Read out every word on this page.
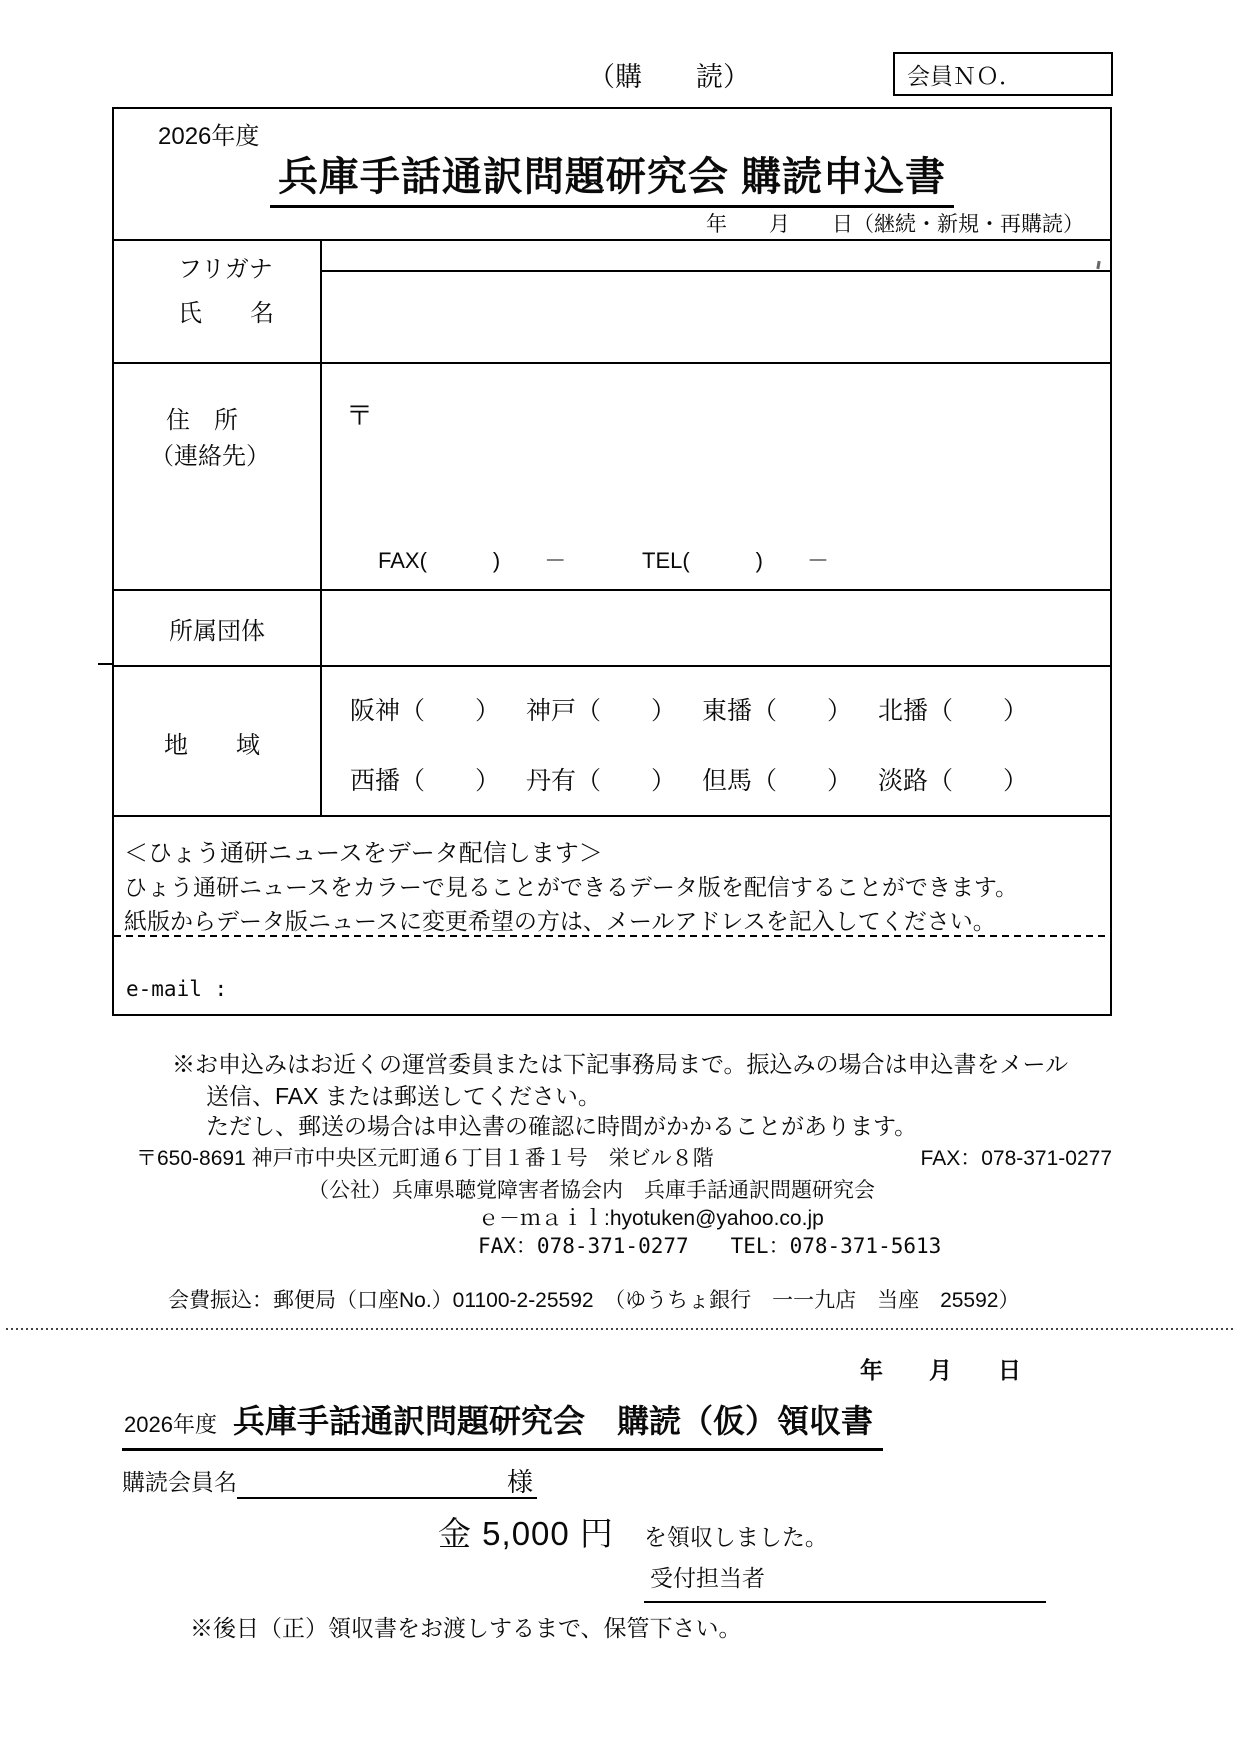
（購　　読）	会員ＮＯ．
2026年度
兵庫手話通訳問題研究会 購読申込書
年　　月　　日（継続・新規・再購読）
フリガナ
氏　　名
住　所
（連絡先）
〒
FAX(　　　)　　－	TEL(　　　)　　－
所属団体
地　　域
阪神（　　） 神戸（　　） 東播（　　） 北播（　　）
西播（　　） 丹有（　　） 但馬（　　） 淡路（　　）
＜ひょう通研ニュースをデータ配信します＞
ひょう通研ニュースをカラーで見ることができるデータ版を配信することができます。
紙版からデータ版ニュースに変更希望の方は、メールアドレスを記入してください。
e-mail :
※お申込みはお近くの運営委員または下記事務局まで。振込みの場合は申込書をメール
送信、FAX または郵送してください。
ただし、郵送の場合は申込書の確認に時間がかかることがあります。
〒650-8691 神戸市中央区元町通６丁目１番１号　栄ビル８階	FAX：078-371-0277
（公社）兵庫県聴覚障害者協会内　兵庫手話通訳問題研究会
ｅ－ｍａｉｌ:hyotuken@yahoo.co.jp
FAX：078-371-0277　　TEL：078-371-5613
会費振込：郵便局（口座No.）01100-2-25592　（ゆうちょ銀行　一一九店　当座　25592）
年　　月　　日
2026年度 兵庫手話通訳問題研究会　購読（仮）領収書
購読会員名	様
金 5,000 円 を領収しました。
受付担当者
※後日（正）領収書をお渡しするまで、保管下さい。
